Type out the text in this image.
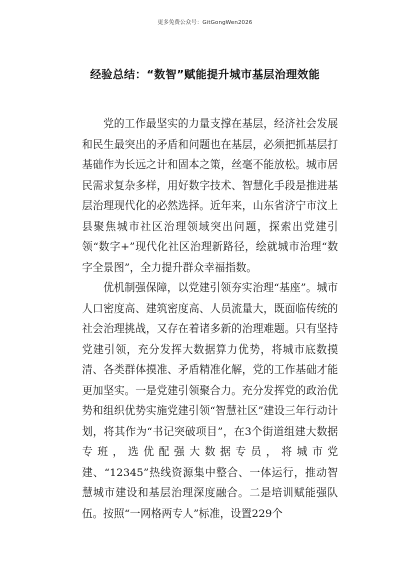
更多免费公众号：GitGongWen2026
经验总结：“数智”赋能提升城市基层治理效能

党的工作最坚实的力量支撑在基层，经济社会发展和民生最突出的矛盾和问题也在基层，必须把抓基层打基础作为长远之计和固本之策，丝毫不能放松。城市居民需求复杂多样，用好数字技术、智慧化手段是推进基层治理现代化的必然选择。近年来，山东省济宁市汶上县聚焦城市社区治理领域突出问题，探索出党建引领“数字+”现代化社区治理新路径，绘就城市治理“数字全景图”，全力提升群众幸福指数。

优机制强保障，以党建引领夯实治理“基座”。城市人口密度高、建筑密度高、人员流量大，既面临传统的社会治理挑战，又存在着诸多新的治理难题。只有坚持党建引领，充分发挥大数据算力优势，将城市底数摸清、各类群体摸准、矛盾精准化解，党的工作基础才能更加坚实。一是党建引领聚合力。充分发挥党的政治优势和组织优势实施党建引领“智慧社区”建设三年行动计划，将其作为“书记突破项目”，在3个街道组建大数据专班，选优配强大数据专员，将城市党建、“12345”热线资源集中整合、一体运行，推动智慧城市建设和基层治理深度融合。二是培训赋能强队伍。按照“一网格两专人”标准，设置229个
